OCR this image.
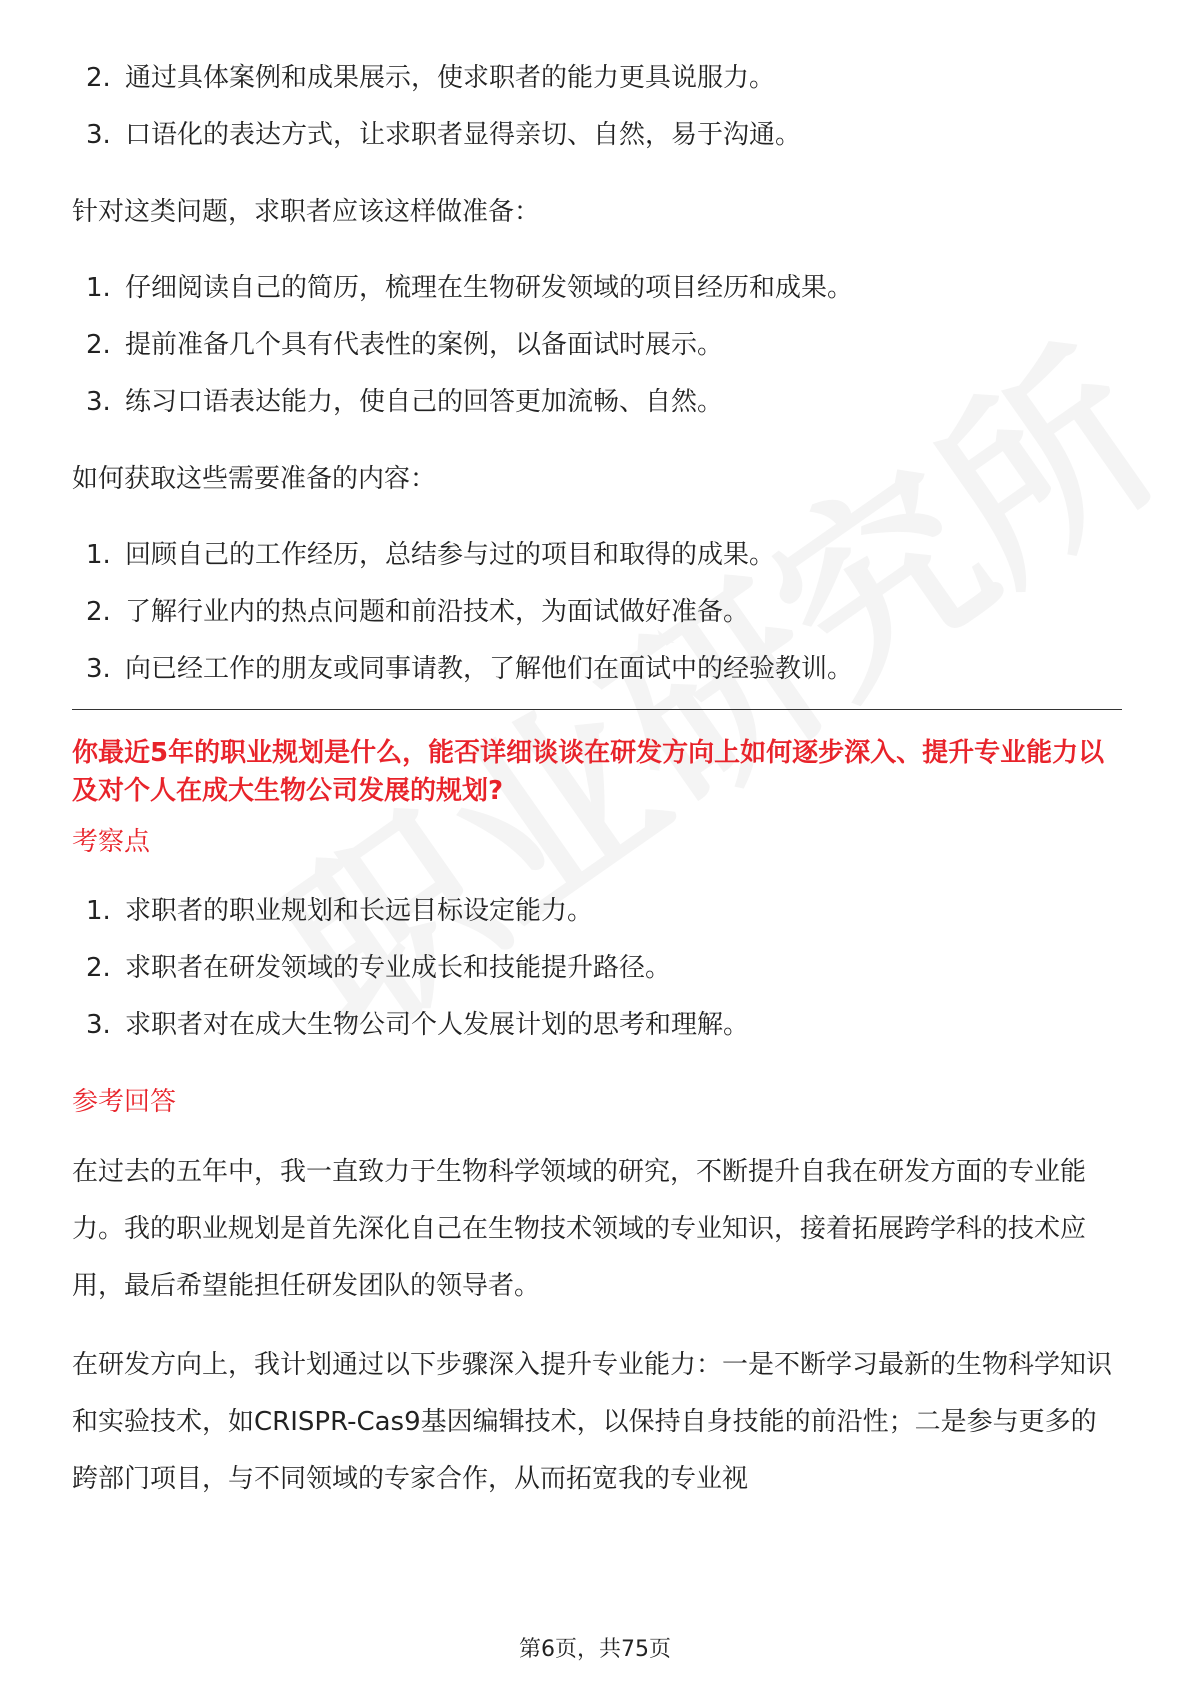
2. 通过具体案例和成果展示，使求职者的能力更具说服力。
3. 口语化的表达方式，让求职者显得亲切、自然，易于沟通。

针对这类问题，求职者应该这样做准备：

1. 仔细阅读自己的简历，梳理在生物研发领域的项目经历和成果。
2. 提前准备几个具有代表性的案例，以备面试时展示。
3. 练习口语表达能力，使自己的回答更加流畅、自然。

如何获取这些需要准备的内容：

1. 回顾自己的工作经历，总结参与过的项目和取得的成果。
2. 了解行业内的热点问题和前沿技术，为面试做好准备。
3. 向已经工作的朋友或同事请教，了解他们在面试中的经验教训。

你最近5年的职业规划是什么，能否详细谈谈在研发方向上如何逐步深入、提升专业能力以及对个人在成大生物公司发展的规划?

考察点

1. 求职者的职业规划和长远目标设定能力。
2. 求职者在研发领域的专业成长和技能提升路径。
3. 求职者对在成大生物公司个人发展计划的思考和理解。

参考回答

在过去的五年中，我一直致力于生物科学领域的研究，不断提升自我在研发方面的专业能力。我的职业规划是首先深化自己在生物技术领域的专业知识，接着拓展跨学科的技术应用，最后希望能担任研发团队的领导者。

在研发方向上，我计划通过以下步骤深入提升专业能力：一是不断学习最新的生物科学知识和实验技术，如CRISPR-Cas9基因编辑技术，以保持自身技能的前沿性；二是参与更多的跨部门项目，与不同领域的专家合作，从而拓宽我的专业视

第6页，共75页
